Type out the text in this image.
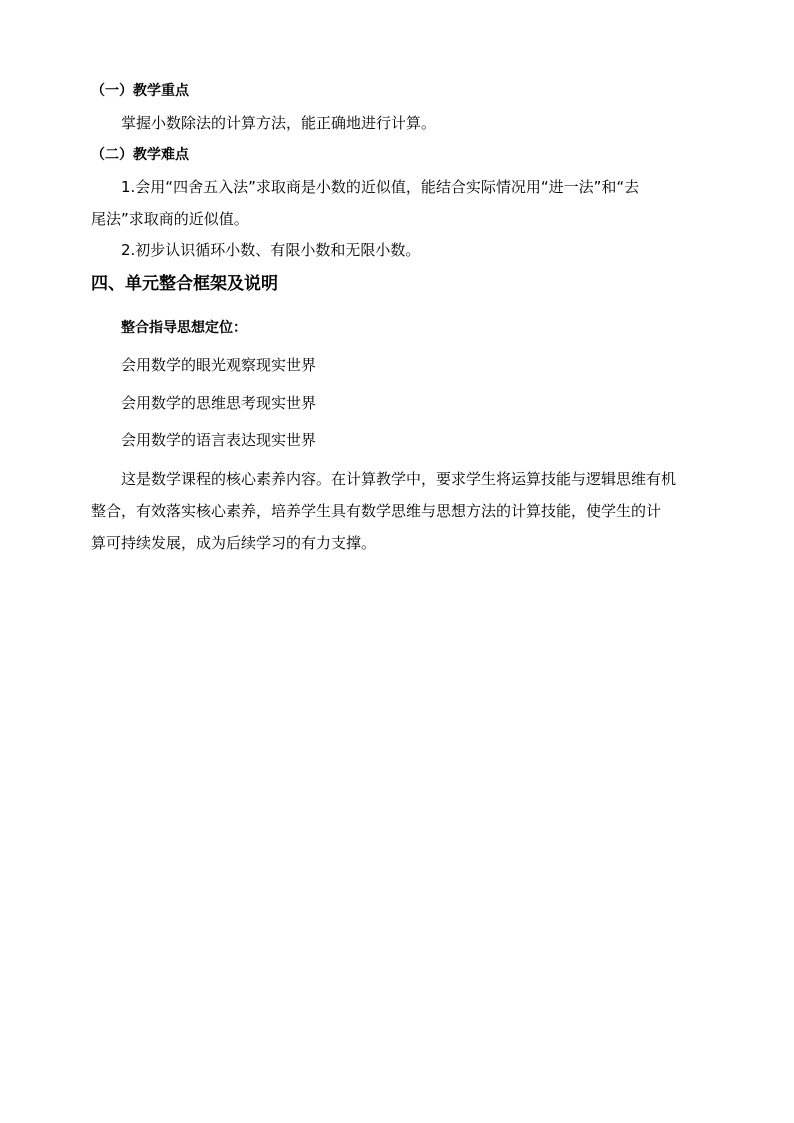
（一）教学重点
掌握小数除法的计算方法，能正确地进行计算。
（二）教学难点
1.会用“四舍五入法”求取商是小数的近似值，能结合实际情况用“进一法”和“去
尾法”求取商的近似值。
2.初步认识循环小数、有限小数和无限小数。
四、单元整合框架及说明
整合指导思想定位：
会用数学的眼光观察现实世界
会用数学的思维思考现实世界
会用数学的语言表达现实世界
这是数学课程的核心素养内容。在计算教学中，要求学生将运算技能与逻辑思维有机
整合，有效落实核心素养，培养学生具有数学思维与思想方法的计算技能，使学生的计
算可持续发展，成为后续学习的有力支撑。
